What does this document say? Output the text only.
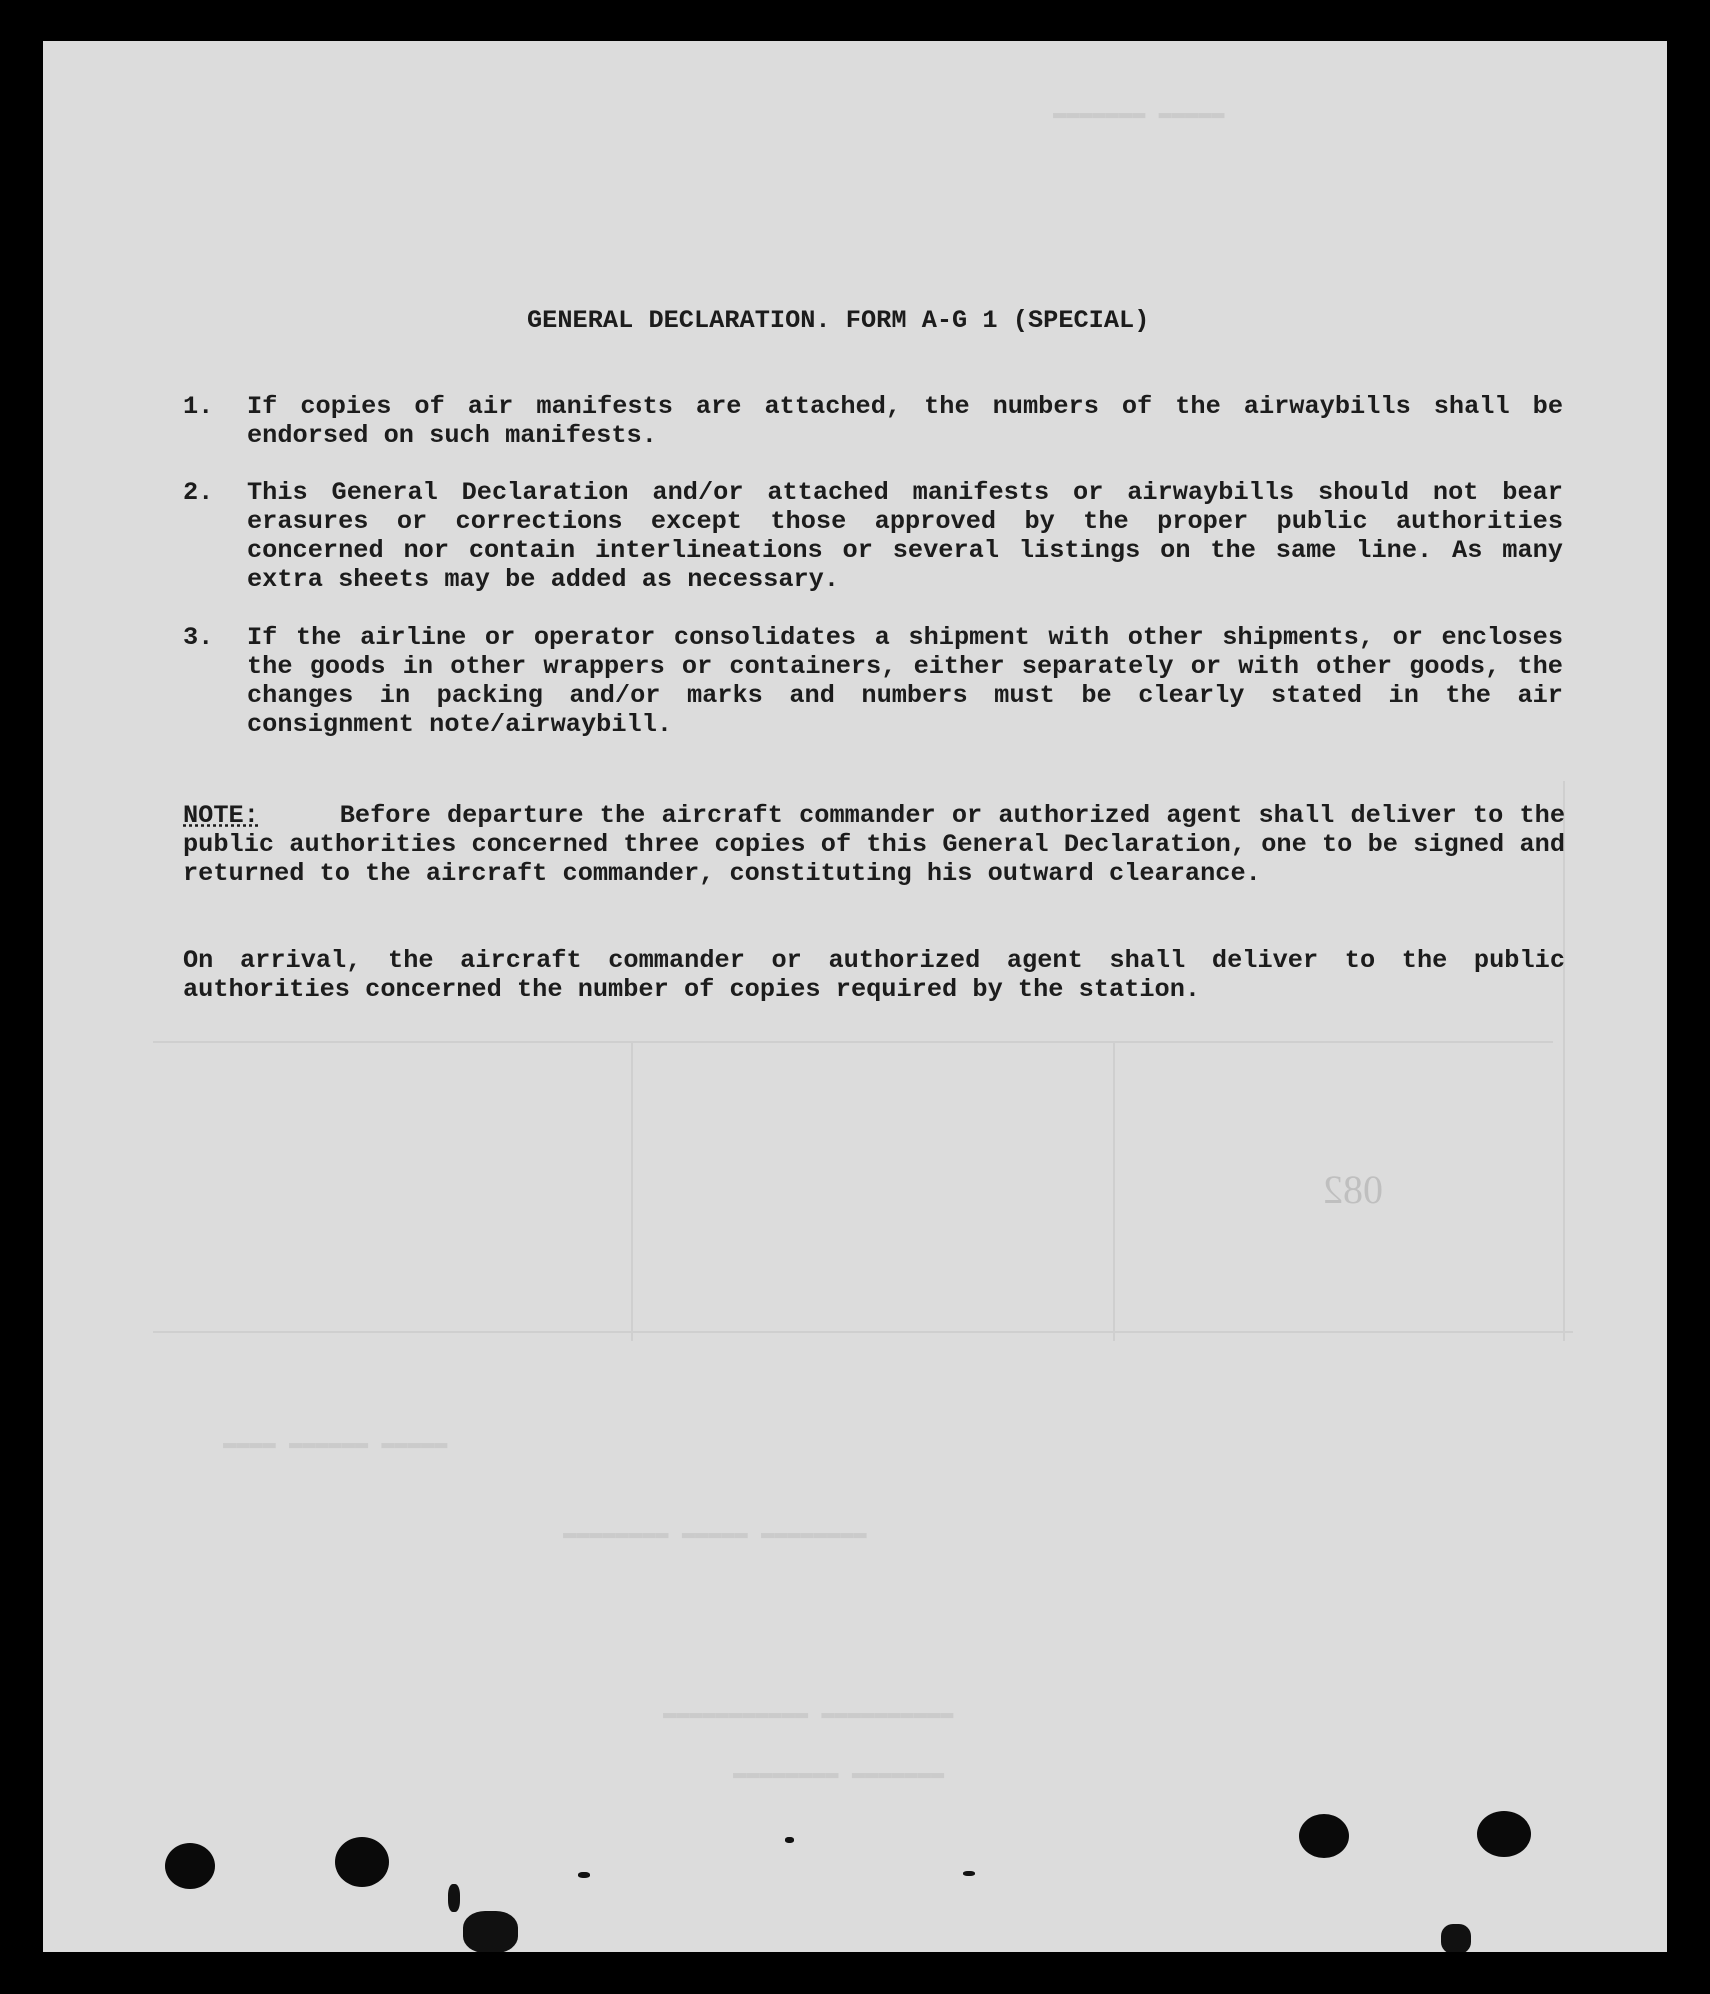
▬▬▬▬▬▬▬ ▬▬▬▬▬
▬▬▬▬ ▬▬▬▬▬▬ ▬▬▬▬▬
▬▬▬▬▬▬▬▬ ▬▬▬▬▬ ▬▬▬▬▬▬▬▬
▬▬▬▬▬▬▬▬▬▬▬ ▬▬▬▬▬▬▬▬▬▬
▬▬▬▬▬▬▬▬ ▬▬▬▬▬▬▬
082
GENERAL DECLARATION. FORM A-G 1 (SPECIAL)
1. If copies of air manifests are attached, the numbers of the airwaybills shall be endorsed on such manifests.
2. This General Declaration and/or attached manifests or airwaybills should not bear erasures or corrections except those approved by the proper public authorities concerned nor contain interlineations or several listings on the same line. As many extra sheets may be added as necessary.
3. If the airline or operator consolidates a shipment with other shipments, or encloses the goods in other wrappers or containers, either separately or with other goods, the changes in packing and/or marks and numbers must be clearly stated in the air consignment note/airwaybill.
NOTE:	Before departure the aircraft commander or authorized agent shall deliver to the public authorities concerned three copies of this General Declaration, one to be signed and returned to the aircraft commander, constituting his outward clearance.
On arrival, the aircraft commander or authorized agent shall deliver to the public authorities concerned the number of copies required by the station.
